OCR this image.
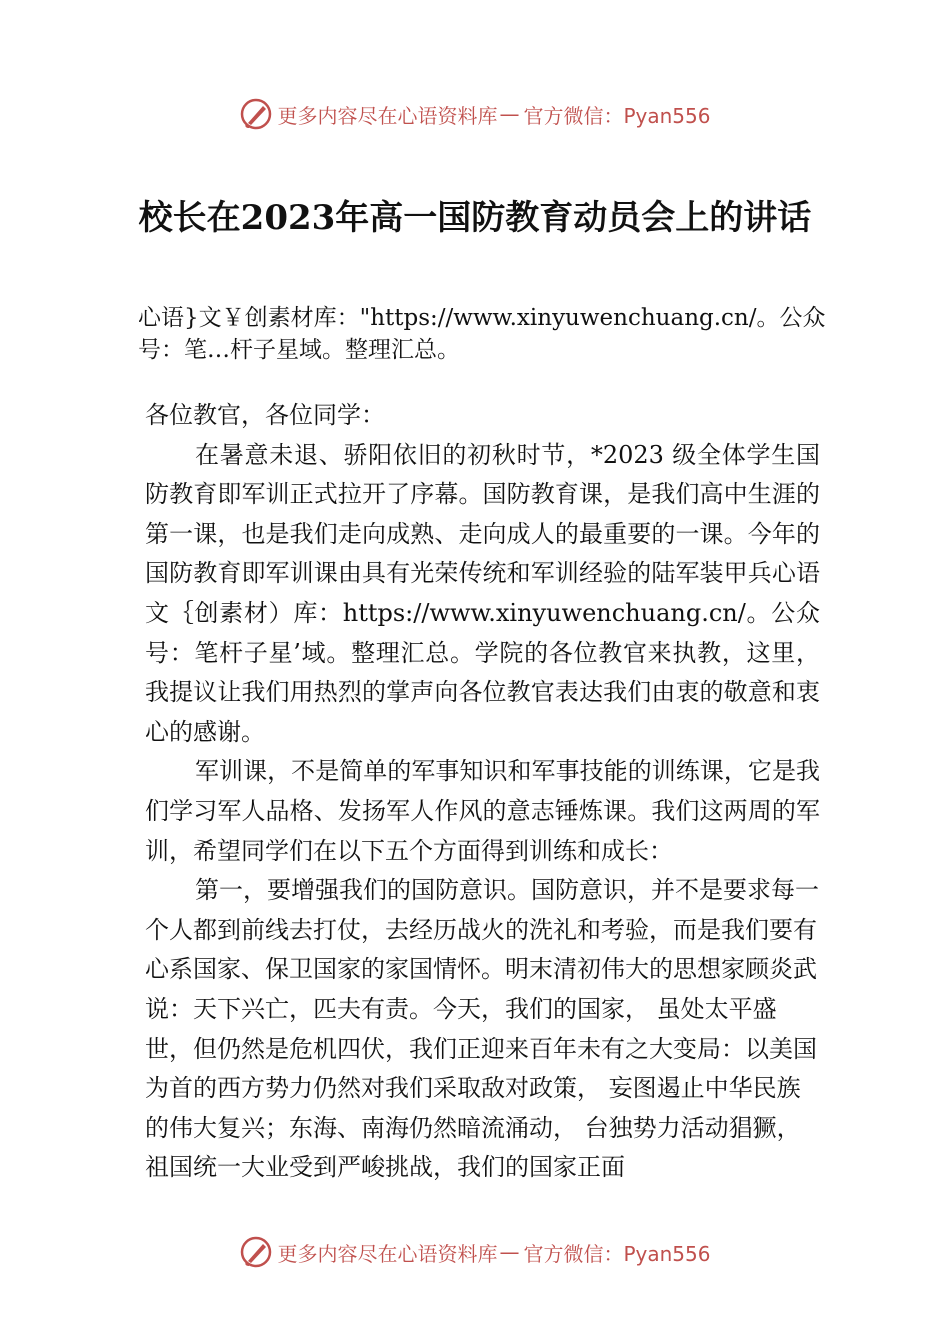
更多内容尽在心语资料库 — 官方微信：Pyan556
校长在2023年高一国防教育动员会上的讲话
心语}文￥创素材库："https://www.xinyuwenchuang.cn/。公众号：笔…杆子星域。整理汇总。

各位教官，各位同学：

在暑意未退、骄阳依旧的初秋时节，*2023 级全体学生国防教育即军训正式拉开了序幕。国防教育课，是我们高中生涯的第一课，也是我们走向成熟、走向成人的最重要的一课。今年的国防教育即军训课由具有光荣传统和军训经验的陆军装甲兵心语文｛创素材）库：https://www.xinyuwenchuang.cn/。公众号：笔杆子星’域。整理汇总。学院的各位教官来执教，这里，我提议让我们用热烈的掌声向各位教官表达我们由衷的敬意和衷心的感谢。

军训课，不是简单的军事知识和军事技能的训练课，它是我们学习军人品格、发扬军人作风的意志锤炼课。我们这两周的军训，希望同学们在以下五个方面得到训练和成长：

第一，要增强我们的国防意识。国防意识，并不是要求每一个人都到前线去打仗，去经历战火的洗礼和考验，而是我们要有心系国家、保卫国家的家国情怀。明末清初伟大的思想家顾炎武说：天下兴亡，匹夫有责。今天，我们的国家， 虽处太平盛世，但仍然是危机四伏，我们正迎来百年未有之大变局：以美国为首的西方势力仍然对我们采取敌对政策， 妄图遏止中华民族的伟大复兴；东海、南海仍然暗流涌动， 台独势力活动猖獗，祖国统一大业受到严峻挑战，我们的国家正面

更多内容尽在心语资料库 — 官方微信：Pyan556
